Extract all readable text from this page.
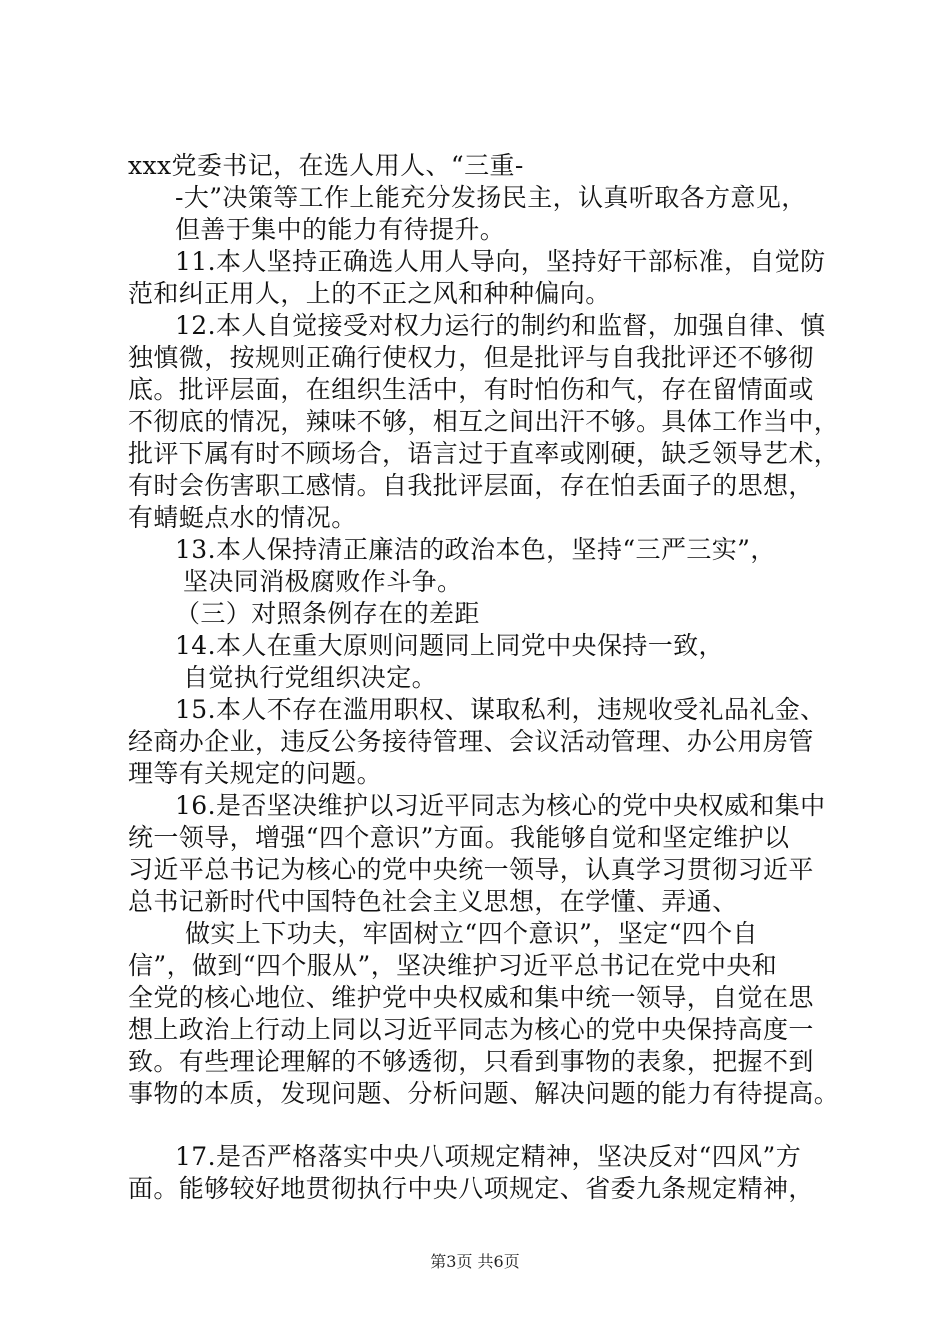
xxx党委书记，在选人用人、“三重-
-大”决策等工作上能充分发扬民主，认真听取各方意见，
但善于集中的能力有待提升。
11.本人坚持正确选人用人导向，坚持好干部标准，自觉防
范和纠正用人，上的不正之风和种种偏向。
12.本人自觉接受对权力运行的制约和监督，加强自律、慎
独慎微，按规则正确行使权力，但是批评与自我批评还不够彻
底。批评层面，在组织生活中，有时怕伤和气，存在留情面或
不彻底的情况，辣味不够，相互之间出汗不够。具体工作当中，
批评下属有时不顾场合，语言过于直率或刚硬，缺乏领导艺术，
有时会伤害职工感情。自我批评层面，存在怕丢面子的思想，
有蜻蜓点水的情况。
13.本人保持清正廉洁的政治本色，坚持“三严三实”，
坚决同消极腐败作斗争。
（三）对照条例存在的差距
14.本人在重大原则问题同上同党中央保持一致，
自觉执行党组织决定。
15.本人不存在滥用职权、谋取私利，违规收受礼品礼金、
经商办企业，违反公务接待管理、会议活动管理、办公用房管
理等有关规定的问题。
16.是否坚决维护以习近平同志为核心的党中央权威和集中
统一领导，增强“四个意识”方面。我能够自觉和坚定维护以
习近平总书记为核心的党中央统一领导，认真学习贯彻习近平
总书记新时代中国特色社会主义思想，在学懂、弄通、
做实上下功夫，牢固树立“四个意识”，坚定“四个自
信”，做到“四个服从”，坚决维护习近平总书记在党中央和
全党的核心地位、维护党中央权威和集中统一领导，自觉在思
想上政治上行动上同以习近平同志为核心的党中央保持高度一
致。有些理论理解的不够透彻，只看到事物的表象，把握不到
事物的本质，发现问题、分析问题、解决问题的能力有待提高。
17.是否严格落实中央八项规定精神，坚决反对“四风”方
面。能够较好地贯彻执行中央八项规定、省委九条规定精神，
第3页 共6页
